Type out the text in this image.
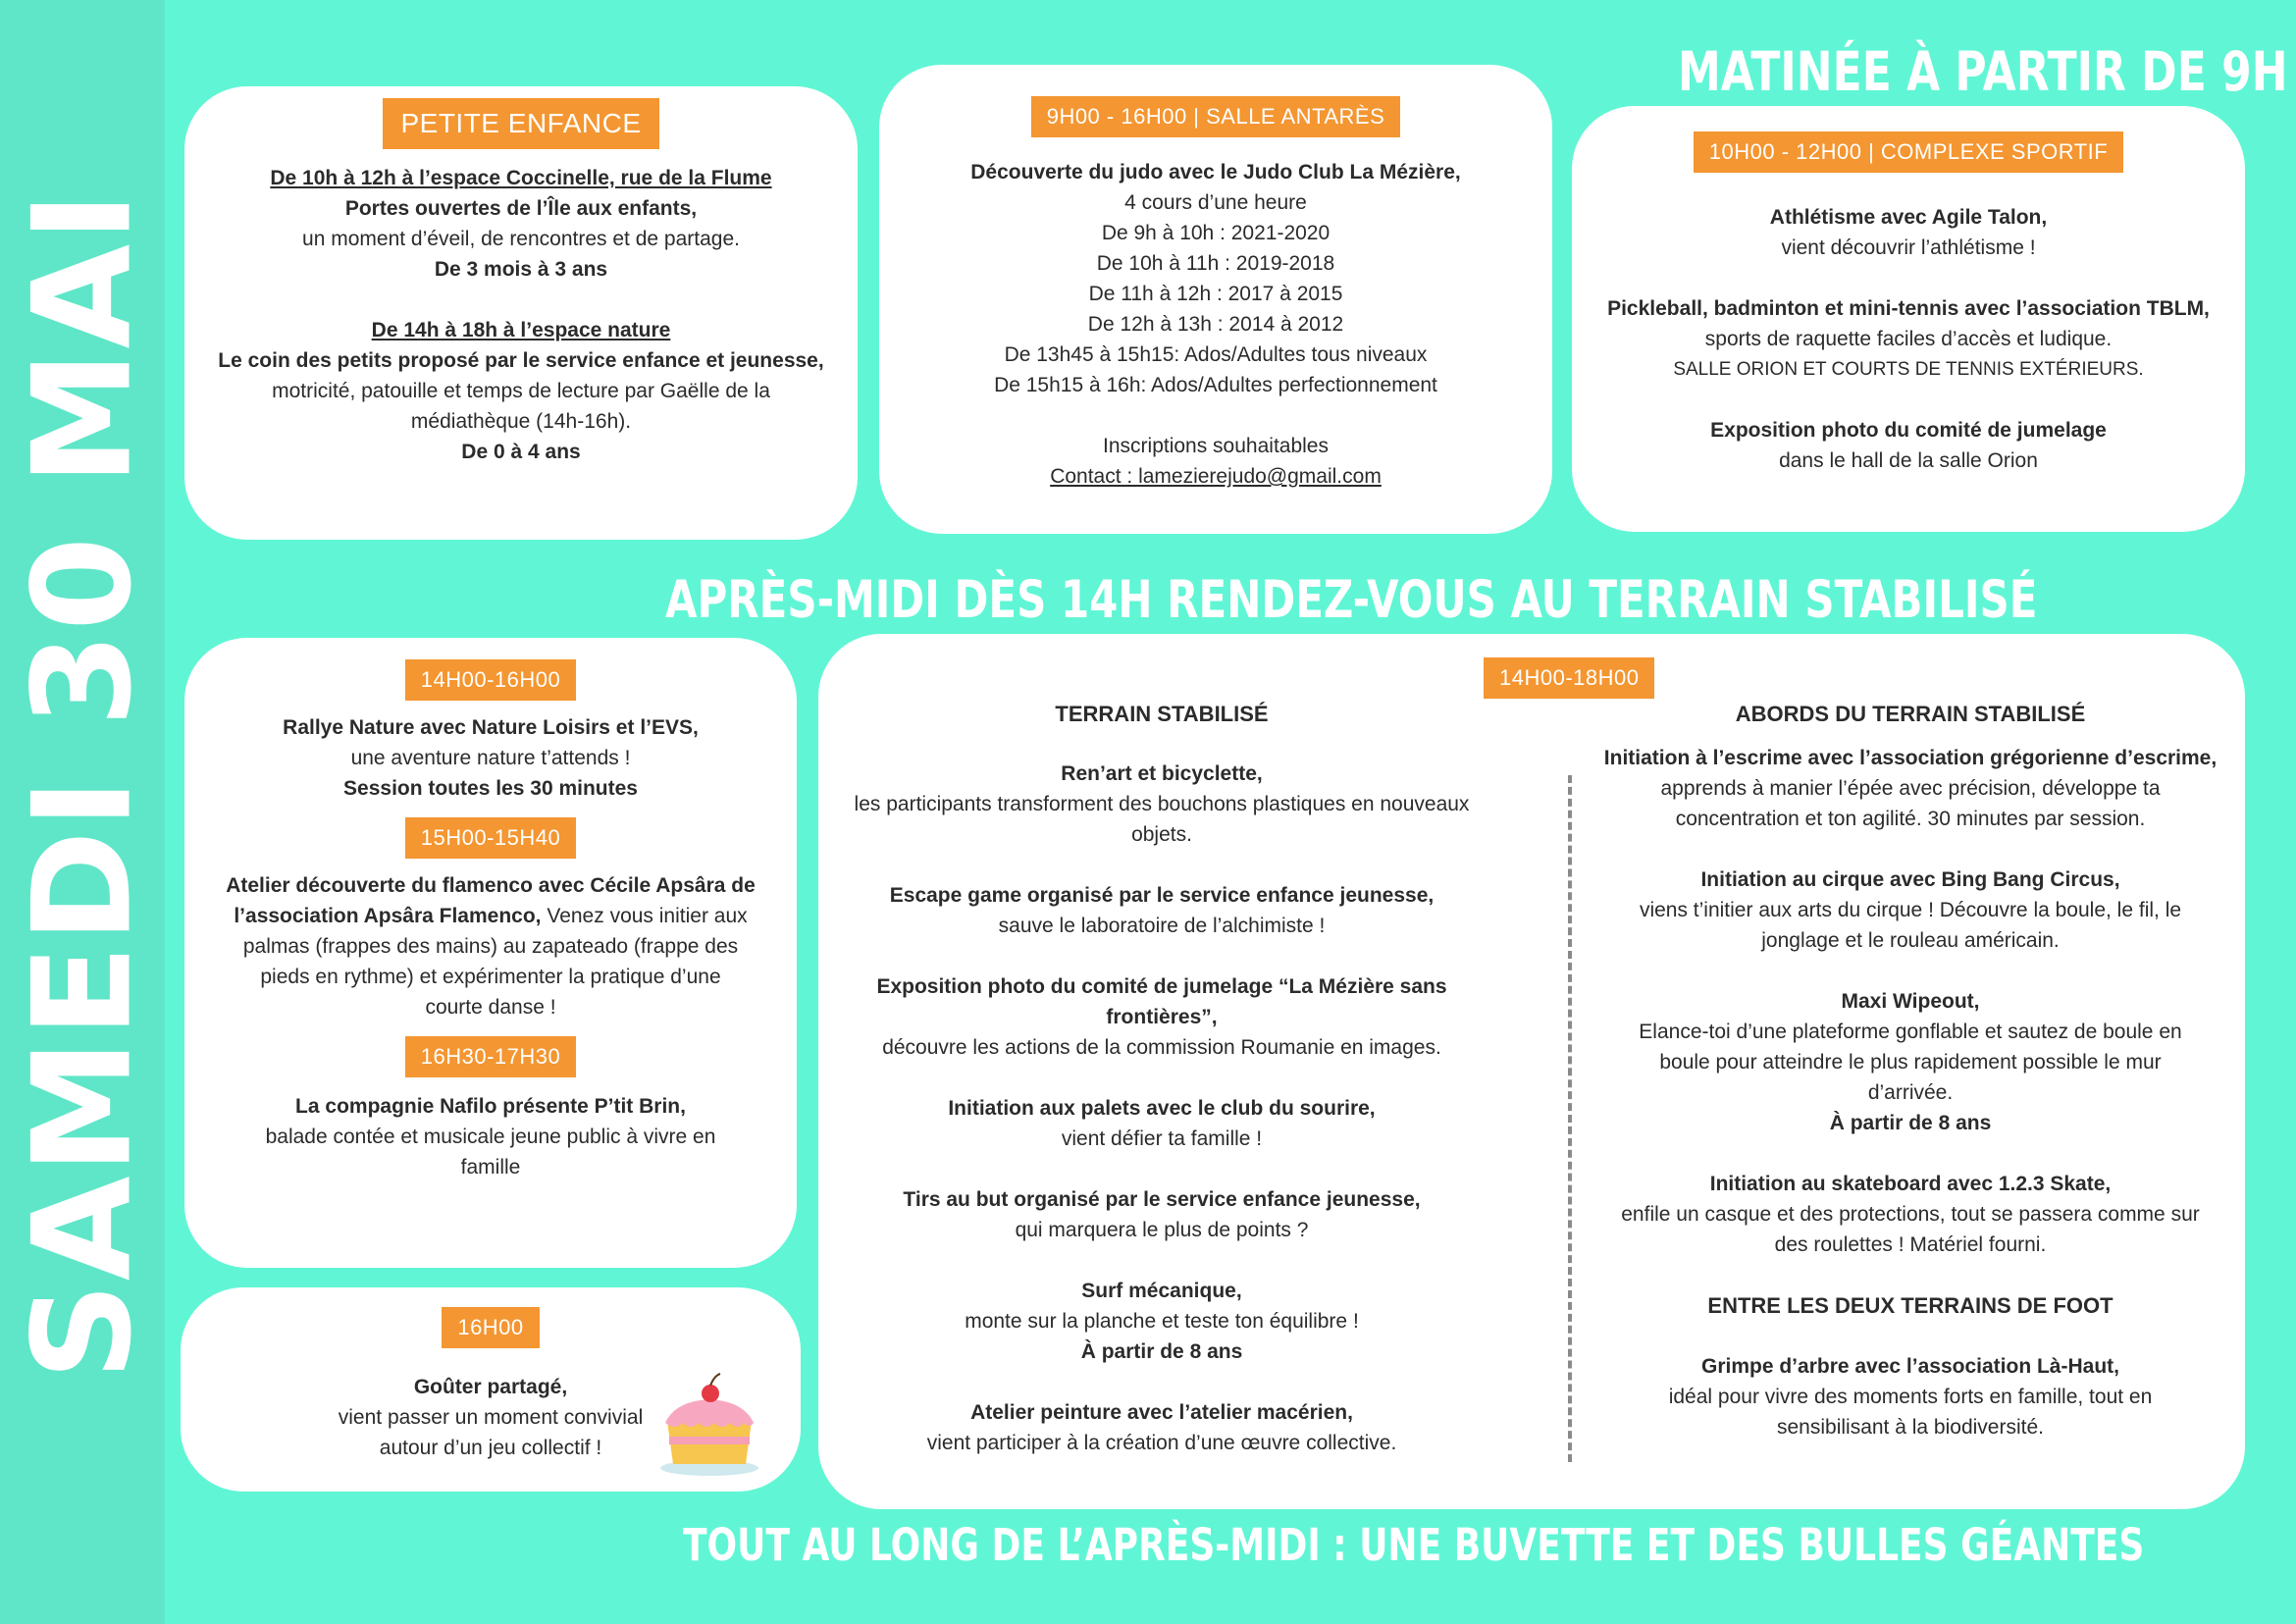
SAMEDI 30 MAI
MATINÉE À PARTIR DE 9H
APRÈS-MIDI DÈS 14H RENDEZ-VOUS AU TERRAIN STABILISÉ
TOUT AU LONG DE L’APRÈS-MIDI : UNE BUVETTE ET DES BULLES GÉANTES
PETITE ENFANCE

De 10h à 12h à l’espace Coccinelle, rue de la Flume

Portes ouvertes de l’Île aux enfants,

un moment d’éveil, de rencontres et de partage.

De 3 mois à 3 ans

De 14h à 18h à l’espace nature

Le coin des petits proposé par le service enfance et jeunesse,

motricité, patouille et temps de lecture par Gaëlle de la

médiathèque (14h-16h).

De 0 à 4 ans

9H00 - 16H00 | SALLE ANTARÈS

Découverte du judo avec le Judo Club La Mézière,

4 cours d’une heure

De 9h à 10h : 2021-2020

De 10h à 11h : 2019-2018

De 11h à 12h : 2017 à 2015

De 12h à 13h : 2014 à 2012

De 13h45 à 15h15: Ados/Adultes tous niveaux

De 15h15 à 16h: Ados/Adultes perfectionnement

Inscriptions souhaitables

Contact : lamezierejudo@gmail.com

10H00 - 12H00 | COMPLEXE SPORTIF

Athlétisme avec Agile Talon,

vient découvrir l’athlétisme !

Pickleball, badminton et mini-tennis avec l’association TBLM,

sports de raquette faciles d’accès et ludique.

SALLE ORION ET COURTS DE TENNIS EXTÉRIEURS.

Exposition photo du comité de jumelage

dans le hall de la salle Orion

14H00-16H00

Rallye Nature avec Nature Loisirs et l’EVS,

une aventure nature t’attends !

Session toutes les 30 minutes

15H00-15H40

Atelier découverte du flamenco avec Cécile Apsâra de

l’association Apsâra Flamenco, Venez vous initier aux

palmas (frappes des mains) au zapateado (frappe des

pieds en rythme) et expérimenter la pratique d’une

courte danse !

16H30-17H30

La compagnie Nafilo présente P’tit Brin,

balade contée et musicale jeune public à vivre en

famille

16H00

Goûter partagé,

vient passer un moment convivial

autour d’un jeu collectif !

14H00-18H00
TERRAIN STABILISÉ

Ren’art et bicyclette,

les participants transforment des bouchons plastiques en nouveaux

objets.

Escape game organisé par le service enfance jeunesse,

sauve le laboratoire de l’alchimiste !

Exposition photo du comité de jumelage “La Mézière sans frontières”,

découvre les actions de la commission Roumanie en images.

Initiation aux palets avec le club du sourire,

vient défier ta famille !

Tirs au but organisé par le service enfance jeunesse,

qui marquera le plus de points ?

Surf mécanique,

monte sur la planche et teste ton équilibre !

À partir de 8 ans

Atelier peinture avec l’atelier macérien,

vient participer à la création d’une œuvre collective.

ABORDS DU TERRAIN STABILISÉ

Initiation à l’escrime avec l’association grégorienne d’escrime,

apprends à manier l’épée avec précision, développe ta

concentration et ton agilité. 30 minutes par session.

Initiation au cirque avec Bing Bang Circus,

viens t’initier aux arts du cirque ! Découvre la boule, le fil, le

jonglage et le rouleau américain.

Maxi Wipeout,

Elance-toi d’une plateforme gonflable et sautez de boule en

boule pour atteindre le plus rapidement possible le mur

d’arrivée.

À partir de 8 ans

Initiation au skateboard avec 1.2.3 Skate,

enfile un casque et des protections, tout se passera comme sur

des roulettes ! Matériel fourni.

ENTRE LES DEUX TERRAINS DE FOOT

Grimpe d’arbre avec l’association Là-Haut,

idéal pour vivre des moments forts en famille, tout en

sensibilisant à la biodiversité.
